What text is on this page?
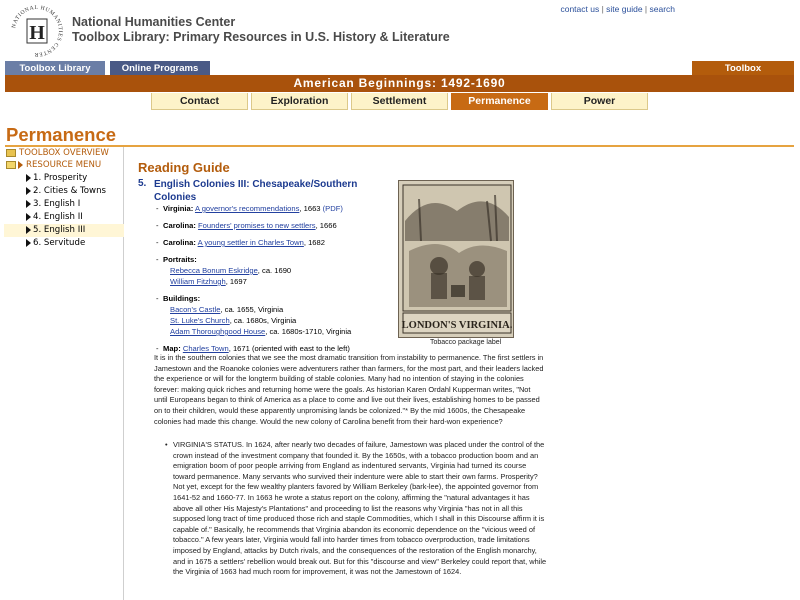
NATIONAL HUMANITIES CENTER
H National Humanities Center
Toolbox Library: Primary Resources in U.S. History & Literature
contact us | site guide | search
Toolbox Library	Online Programs	Toolbox
American Beginnings: 1492-1690
Contact	Exploration	Settlement	Permanence	Power
Permanence
TOOLBOX OVERVIEW
RESOURCE MENU
1. Prosperity
2. Cities & Towns
3. English I
4. English II
5. English III
6. Servitude
Reading Guide
5. English Colonies III: Chesapeake/Southern Colonies
- Virginia: A governor's recommendations, 1663 (PDF)
- Carolina: Founders' promises to new settlers, 1666
- Carolina: A young settler in Charles Town, 1682
- Portraits:
Rebecca Bonum Eskridge, ca. 1690
William Fitzhugh, 1697
- Buildings:
Bacon's Castle, ca. 1655, Virginia
St. Luke's Church, ca. 1680s, Virginia
Adam Thoroughgood House, ca. 1680s-1710, Virginia
- Map: Charles Town, 1671 (oriented with east to the left)
LONDON'S VIRGINIA.
Tobacco package label
It is in the southern colonies that we see the most dramatic transition from instability to permanence. The first settlers in Jamestown and the Roanoke colonies were adventurers rather than farmers, for the most part, and their leaders lacked the experience or will for the longterm building of stable colonies. Many had no intention of staying in the colonies forever: making quick riches and returning home were the goals. As historian Karen Ordahl Kupperman writes, "Not until Europeans began to think of America as a place to come and live out their lives, establishing homes to be passed on to their children, would these apparently unpromising lands be colonized."* By the mid 1600s, the Chesapeake colonies had made this change. Would the new colony of Carolina benefit from their hard-won experience?
• VIRGINIA'S STATUS. In 1624, after nearly two decades of failure, Jamestown was placed under the control of the crown instead of the investment company that founded it. By the 1650s, with a tobacco production boom and an emigration boom of poor people arriving from England as indentured servants, Virginia had turned its course toward permanence. Many servants who survived their indenture were able to start their own farms. Prosperity? Not yet, except for the few wealthy planters favored by William Berkeley (bark-lee), the appointed governor from 1641-52 and 1660-77. In 1663 he wrote a status report on the colony, affirming the "natural advantages it has above all other His Majesty's Plantations" and proceeding to list the reasons why Virginia "has not in all this supposed long tract of time produced those rich and staple Commodities, which I shall in this Discourse affirm it is capable of." Basically, he recommends that Virginia abandon its economic dependence on the "vicious weed of tobacco." A few years later, Virginia would fall into harder times from tobacco overproduction, trade limitations imposed by England, attacks by Dutch rivals, and the consequences of the restoration of the English monarchy, and in 1675 a settlers' rebellion would break out. But for this "discourse and view" Berkeley could report that, while the Virginia of 1663 had much room for improvement, it was not the Jamestown of 1624.
